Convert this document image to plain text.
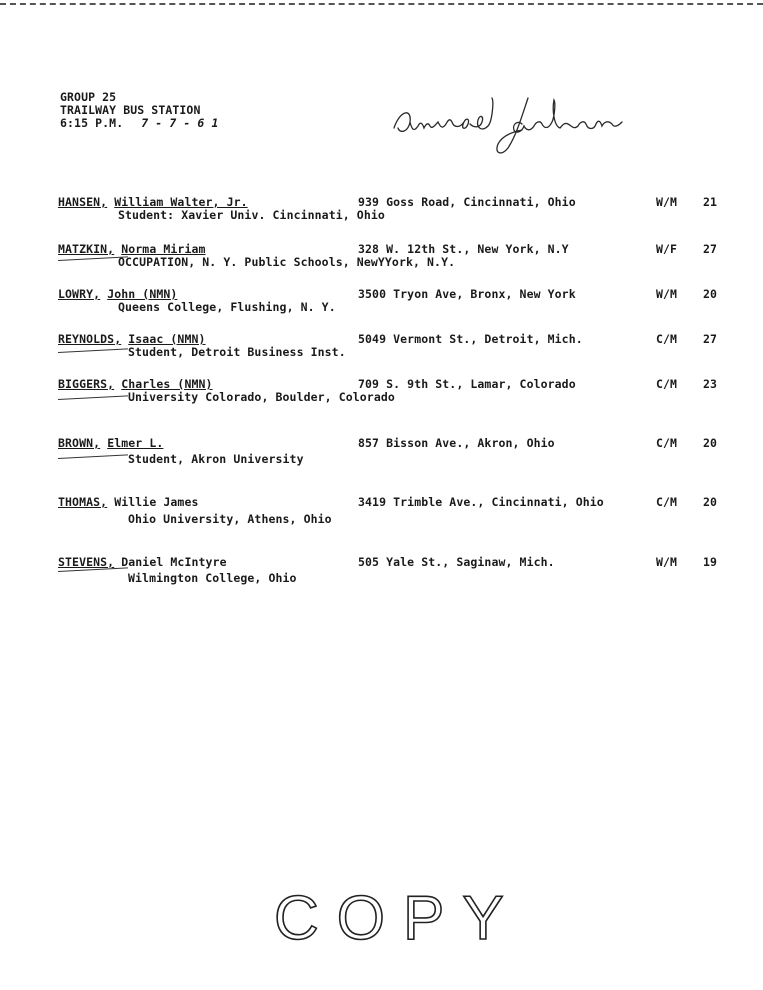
GROUP 25
TRAILWAY BUS STATION
6:15 P.M. 7 - 7 - 6 1
Arrived Jackson
HANSEN, William Walter, Jr.	939 Goss Road, Cincinnati, Ohio	W/M 21
Student: Xavier Univ. Cincinnati, Ohio
MATZKIN, Norma Miriam	328 W. 12th St., New York, N.Y	W/F 27
OCCUPATION, N. Y. Public Schools, NewYYork, N.Y.
LOWRY, John (NMN)	3500 Tryon Ave, Bronx, New York	W/M 20
Queens College, Flushing, N. Y.
REYNOLDS, Isaac (NMN)	5049 Vermont St., Detroit, Mich.	C/M 27
Student, Detroit Business Inst.
BIGGERS, Charles (NMN)	709 S. 9th St., Lamar, Colorado	C/M 23
University Colorado, Boulder, Colorado
BROWN, Elmer L.	857 Bisson Ave., Akron, Ohio	C/M 20
Student, Akron University
THOMAS, Willie James	3419 Trimble Ave., Cincinnati, Ohio	C/M 20
Ohio University, Athens, Ohio
STEVENS, Daniel McIntyre	505 Yale St., Saginaw, Mich.	W/M 19
Wilmington College, Ohio
COPY
